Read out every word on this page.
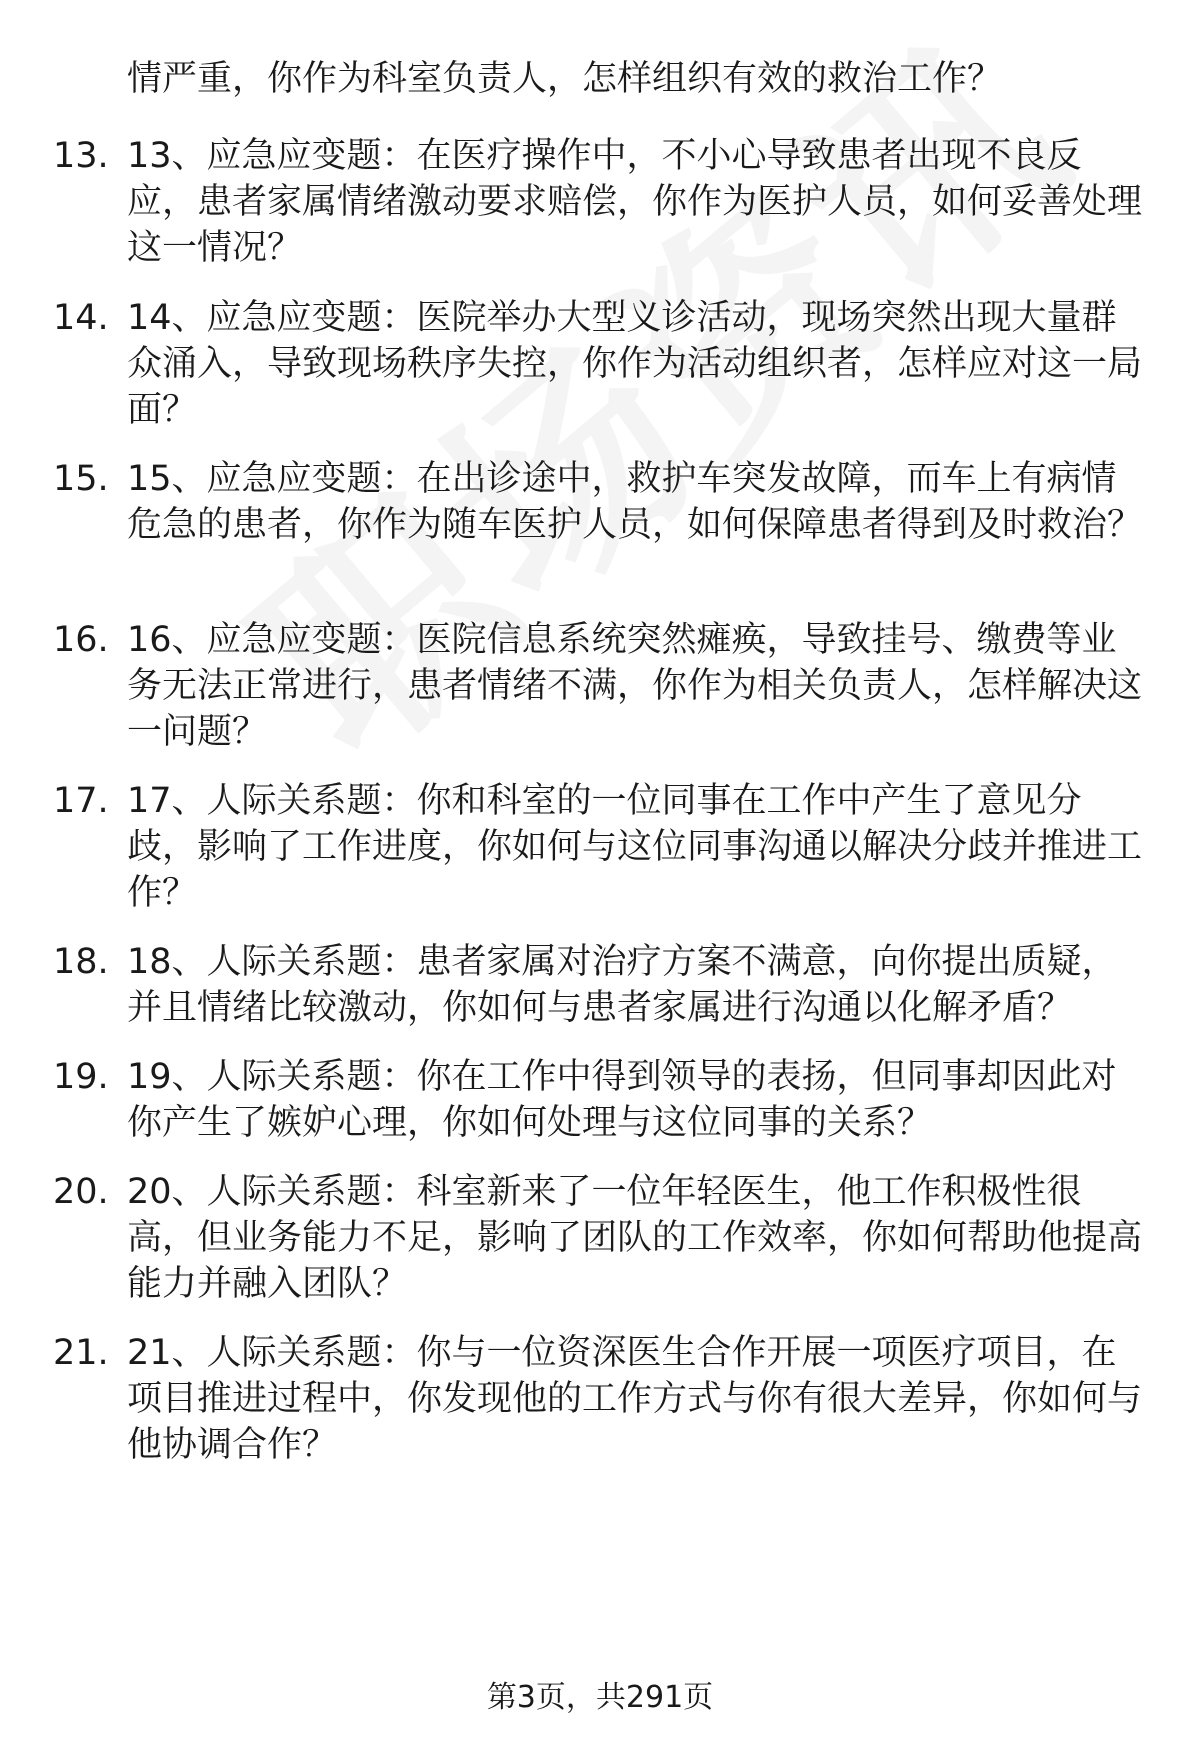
情严重，你作为科室负责人，怎样组织有效的救治工作？
13. 13、应急应变题：在医疗操作中，不小心导致患者出现不良反应，患者家属情绪激动要求赔偿，你作为医护人员，如何妥善处理这一情况？
14. 14、应急应变题：医院举办大型义诊活动，现场突然出现大量群众涌入，导致现场秩序失控，你作为活动组织者，怎样应对这一局面？
15. 15、应急应变题：在出诊途中，救护车突发故障，而车上有病情危急的患者，你作为随车医护人员，如何保障患者得到及时救治？
16. 16、应急应变题：医院信息系统突然瘫痪，导致挂号、缴费等业务无法正常进行，患者情绪不满，你作为相关负责人，怎样解决这一问题？
17. 17、人际关系题：你和科室的一位同事在工作中产生了意见分歧，影响了工作进度，你如何与这位同事沟通以解决分歧并推进工作？
18. 18、人际关系题：患者家属对治疗方案不满意，向你提出质疑，并且情绪比较激动，你如何与患者家属进行沟通以化解矛盾？
19. 19、人际关系题：你在工作中得到领导的表扬，但同事却因此对你产生了嫉妒心理，你如何处理与这位同事的关系？
20. 20、人际关系题：科室新来了一位年轻医生，他工作积极性很高，但业务能力不足，影响了团队的工作效率，你如何帮助他提高能力并融入团队？
21. 21、人际关系题：你与一位资深医生合作开展一项医疗项目，在项目推进过程中，你发现他的工作方式与你有很大差异，你如何与他协调合作？
第3页，共291页
